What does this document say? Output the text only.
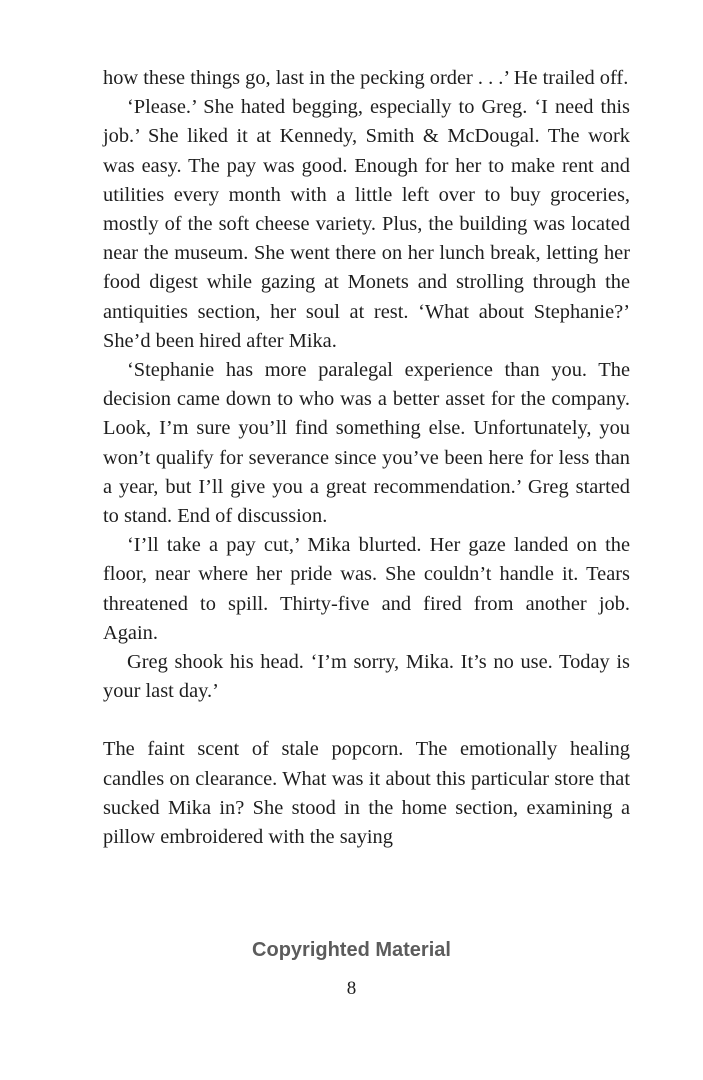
how these things go, last in the pecking order . . .’ He trailed off.

‘Please.’ She hated begging, especially to Greg. ‘I need this job.’ She liked it at Kennedy, Smith & McDougal. The work was easy. The pay was good. Enough for her to make rent and utilities every month with a little left over to buy groceries, mostly of the soft cheese variety. Plus, the building was located near the museum. She went there on her lunch break, letting her food digest while gazing at Monets and strolling through the antiquities section, her soul at rest. ‘What about Stephanie?’ She’d been hired after Mika.

‘Stephanie has more paralegal experience than you. The decision came down to who was a better asset for the company. Look, I’m sure you’ll find something else. Unfortunately, you won’t qualify for severance since you’ve been here for less than a year, but I’ll give you a great recommendation.’ Greg started to stand. End of discussion.

‘I’ll take a pay cut,’ Mika blurted. Her gaze landed on the floor, near where her pride was. She couldn’t handle it. Tears threatened to spill. Thirty-five and fired from another job. Again.

Greg shook his head. ‘I’m sorry, Mika. It’s no use. Today is your last day.’

The faint scent of stale popcorn. The emotionally healing candles on clearance. What was it about this particular store that sucked Mika in? She stood in the home section, examining a pillow embroidered with the saying

Copyrighted Material
8
